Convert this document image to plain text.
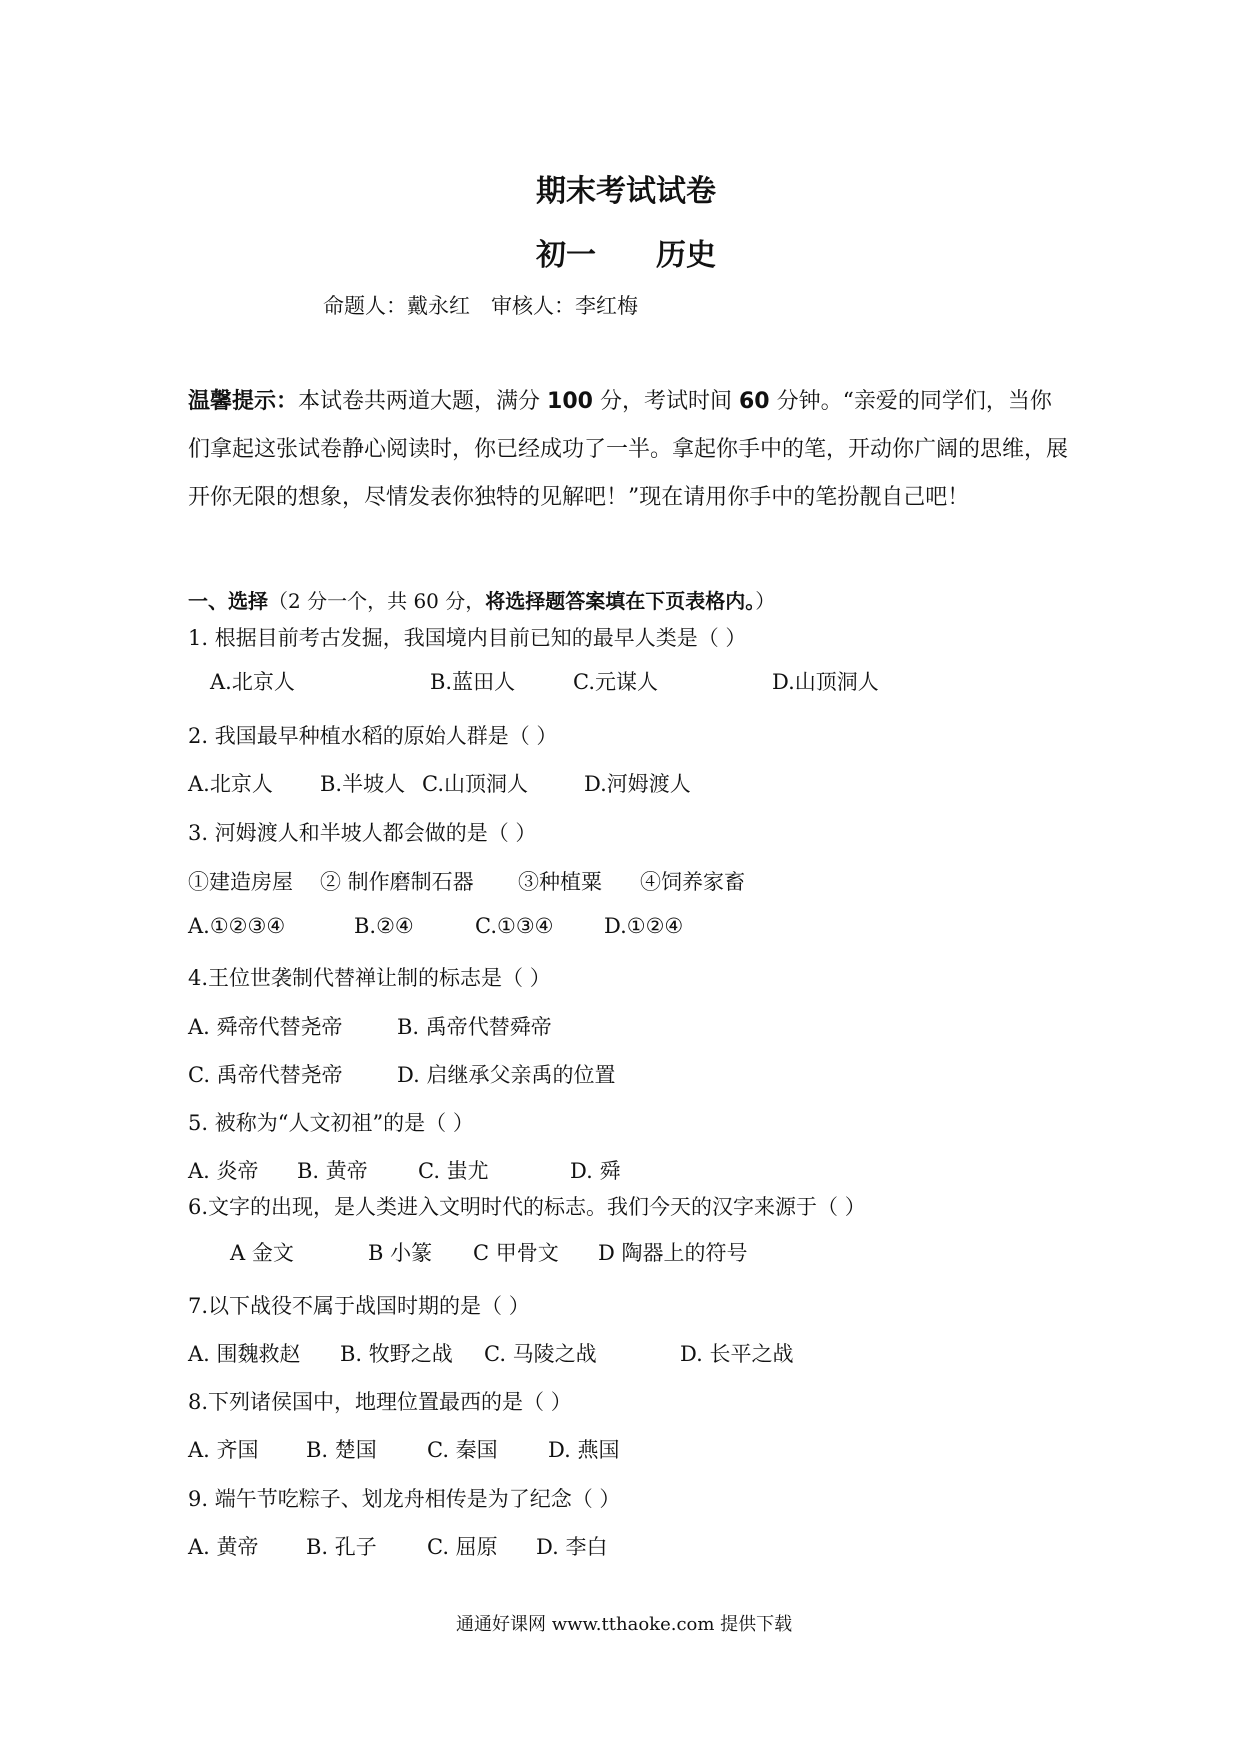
期末考试试卷
初一 历史
命题人：戴永红　审核人：李红梅
温馨提示：本试卷共两道大题，满分 100 分，考试时间 60 分钟。“亲爱的同学们，当你们拿起这张试卷静心阅读时，你已经成功了一半。拿起你手中的笔，开动你广阔的思维，展开你无限的想象，尽情发表你独特的见解吧！”现在请用你手中的笔扮靓自己吧！
一、选择（2 分一个，共 60 分，将选择题答案填在下页表格内。）
1. 根据目前考古发掘，我国境内目前已知的最早人类是（ ）
A.北京人	B.蓝田人	C.元谋人	D.山顶洞人
2. 我国最早种植水稻的原始人群是（ ）
A.北京人 B.半坡人 C.山顶洞人	D.河姆渡人
3. 河姆渡人和半坡人都会做的是（ ）
①建造房屋 ② 制作磨制石器 ③种植粟 ④饲养家畜
A.①②③④	B.②④	C.①③④ D.①②④
4.王位世袭制代替禅让制的标志是（ ）
A. 舜帝代替尧帝	B. 禹帝代替舜帝
C. 禹帝代替尧帝	D. 启继承父亲禹的位置
5. 被称为“人文初祖”的是（ ）
A. 炎帝 B. 黄帝 C. 蚩尤	D. 舜
6.文字的出现，是人类进入文明时代的标志。我们今天的汉字来源于（ ）
A 金文	B 小篆 C 甲骨文 D 陶器上的符号
7.以下战役不属于战国时期的是（ ）
A. 围魏救赵 B. 牧野之战 C. 马陵之战	D. 长平之战
8.下列诸侯国中，地理位置最西的是（ ）
A. 齐国 B. 楚国 C. 秦国 D. 燕国
9. 端午节吃粽子、划龙舟相传是为了纪念（ ）
A. 黄帝 B. 孔子 C. 屈原 D. 李白
通通好课网 www.tthaoke.com 提供下载
